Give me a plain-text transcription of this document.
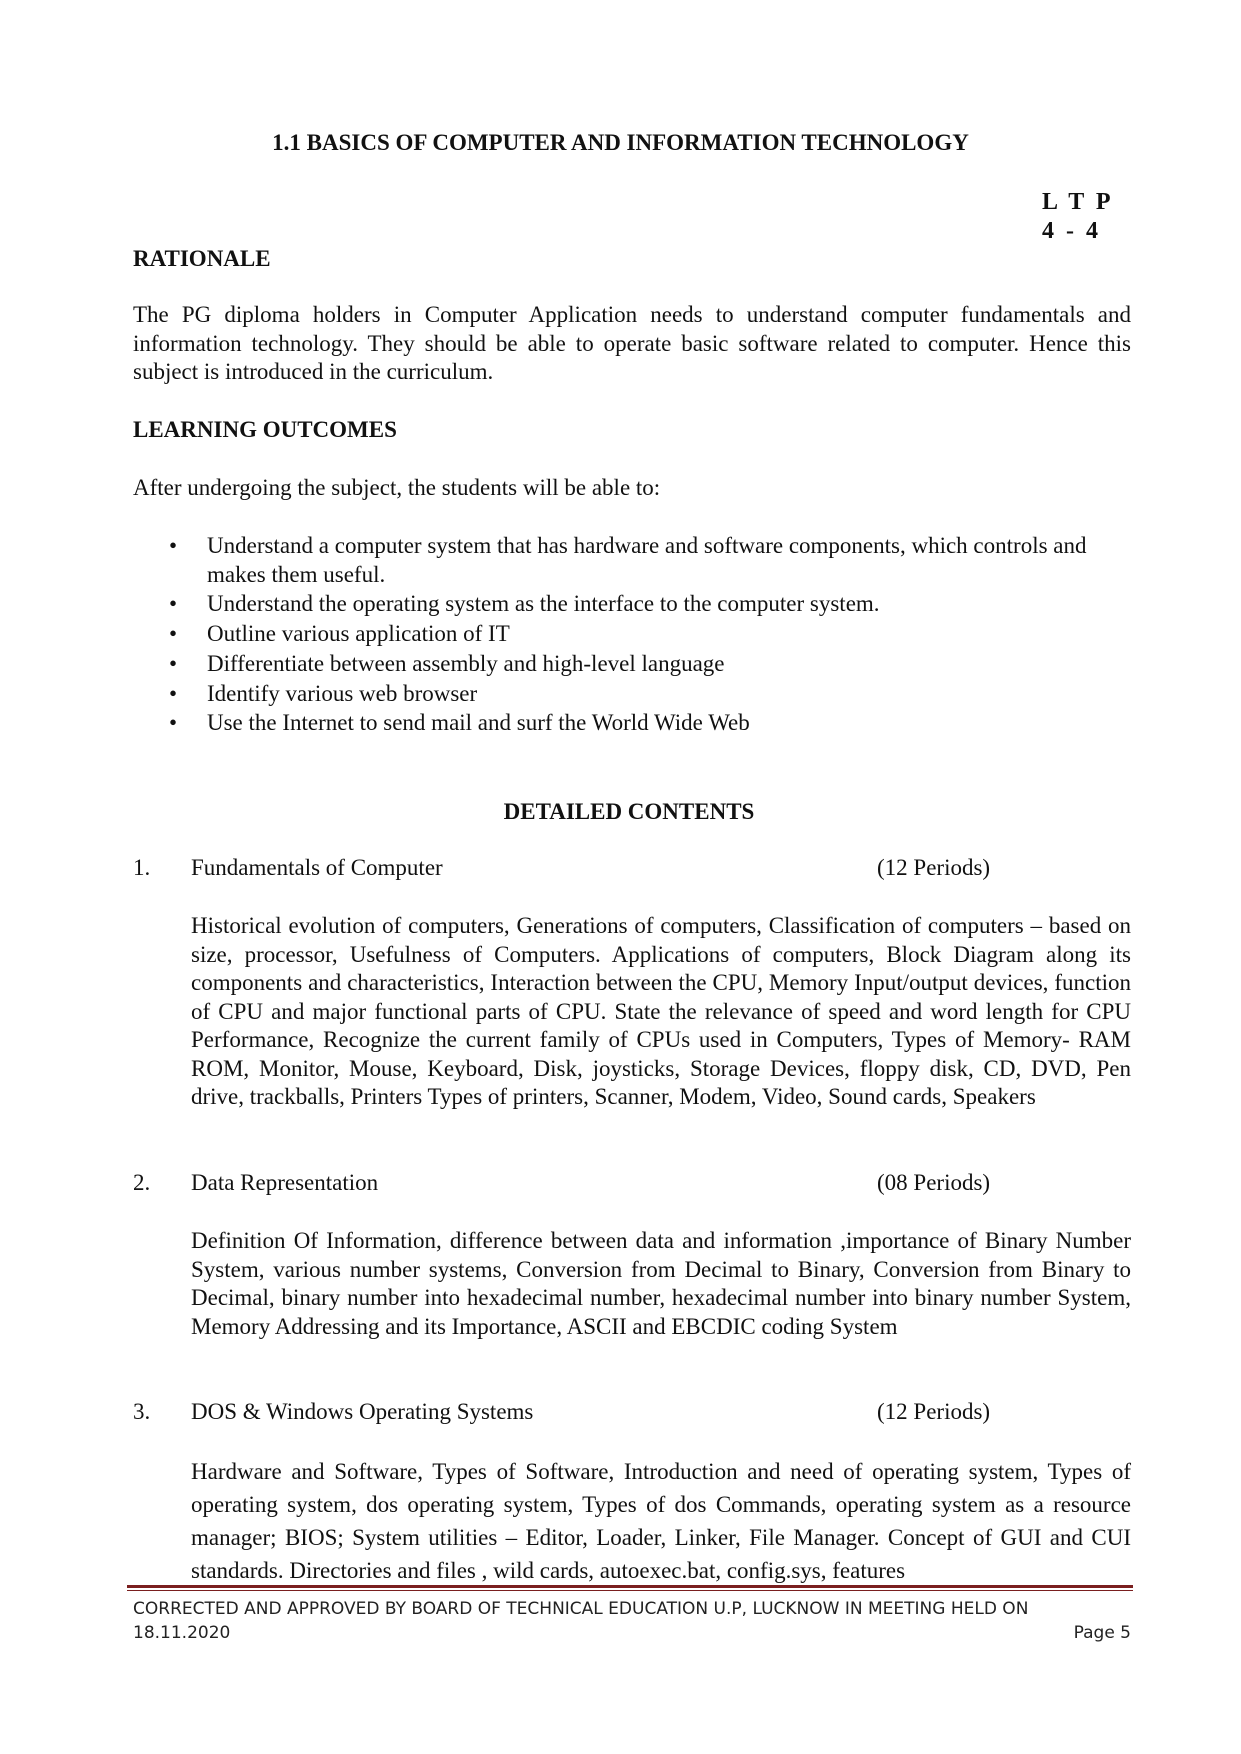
1.1 BASICS OF COMPUTER AND INFORMATION TECHNOLOGY
L  T  P
4  -  4
RATIONALE
The PG diploma holders in Computer Application needs to understand computer fundamentals and information technology. They should be able to operate basic software related to computer. Hence this subject is introduced in the curriculum.
LEARNING OUTCOMES
After undergoing the subject, the students will be able to:
• Understand a computer system that has hardware and software components, which controls and makes them useful.
• Understand the operating system as the interface to the computer system.
• Outline various application of IT
• Differentiate between assembly and high-level language
• Identify various web browser
• Use the Internet to send mail and surf the World Wide Web
DETAILED CONTENTS
1. Fundamentals of Computer	(12 Periods)
Historical evolution of computers, Generations of computers, Classification of computers – based on size, processor, Usefulness of Computers. Applications of computers, Block Diagram along its components and characteristics, Interaction between the CPU, Memory Input/output devices, function of CPU and major functional parts of CPU. State the relevance of speed and word length for CPU Performance, Recognize the current family of CPUs used in Computers, Types of Memory- RAM ROM, Monitor, Mouse, Keyboard, Disk, joysticks, Storage Devices, floppy disk, CD, DVD, Pen drive, trackballs, Printers Types of printers, Scanner, Modem, Video, Sound cards, Speakers
2. Data Representation	(08 Periods)
Definition Of Information, difference between data and information ,importance of Binary Number System, various number systems, Conversion from Decimal to Binary, Conversion from Binary to Decimal, binary number into hexadecimal number, hexadecimal number into binary number System, Memory Addressing and its Importance, ASCII and EBCDIC coding System
3. DOS & Windows Operating Systems	(12 Periods)
Hardware and Software, Types of Software, Introduction and need of operating system, Types of operating system, dos operating system, Types of dos Commands, operating system as a resource manager; BIOS; System utilities – Editor, Loader, Linker, File Manager. Concept of GUI and CUI standards. Directories and files , wild cards, autoexec.bat, config.sys, features
CORRECTED AND APPROVED BY BOARD OF TECHNICAL EDUCATION U.P, LUCKNOW IN MEETING HELD ON 18.11.2020	Page 5
